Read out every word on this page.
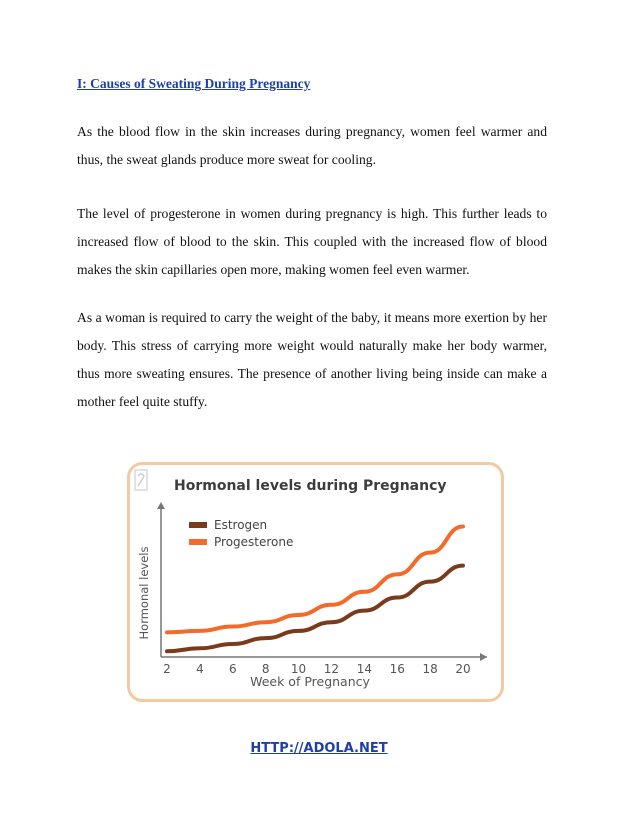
I: Causes of Sweating During Pregnancy

As the blood flow in the skin increases during pregnancy, women feel warmer and thus, the sweat glands produce more sweat for cooling.

The level of progesterone in women during pregnancy is high. This further leads to increased flow of blood to the skin. This coupled with the increased flow of blood makes the skin capillaries open more, making women feel even warmer.

As a woman is required to carry the weight of the baby, it means more exertion by her body. This stress of carrying more weight would naturally make her body warmer, thus more sweating ensures. The presence of another living being inside can make a mother feel quite stuffy.

Hormonal levels during Pregnancy
Hormonal levels
Week of Pregnancy
2 4 6 8 10 12 14 16 18 20
Estrogen
Progesterone
HTTP://ADOLA.NET
